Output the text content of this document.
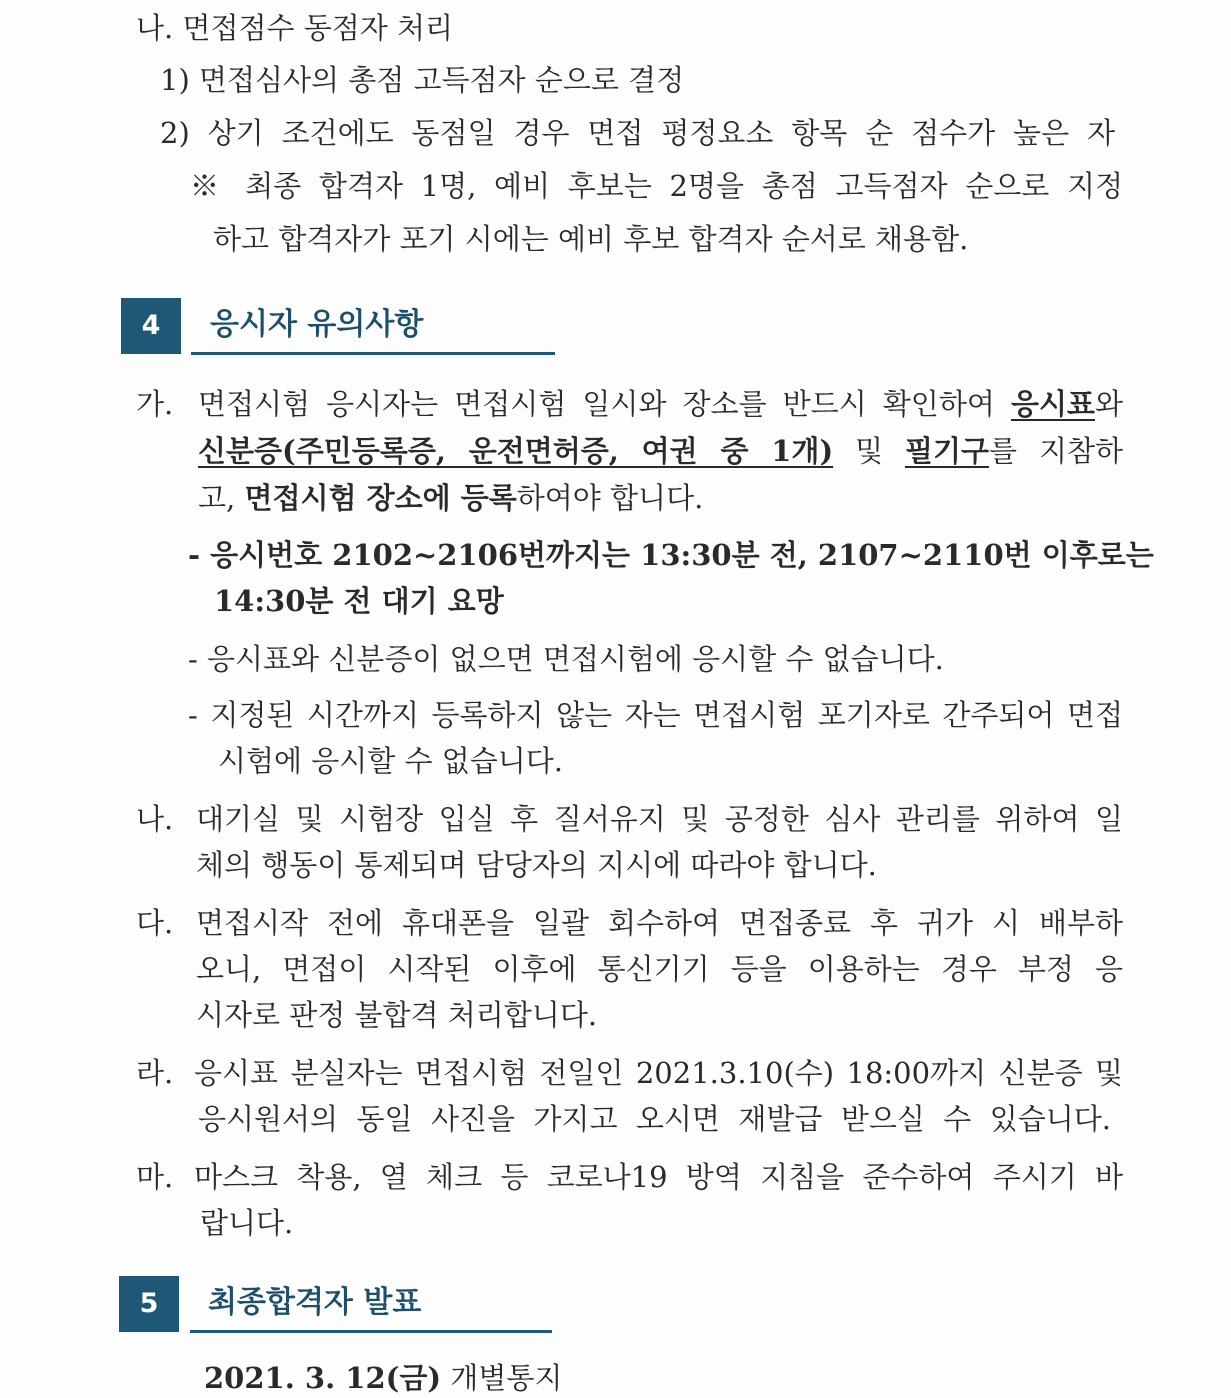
나. 면접점수 동점자 처리
1) 면접심사의 총점 고득점자 순으로 결정
2) 상기 조건에도 동점일 경우 면접 평정요소 항목 순 점수가 높은 자
※ 최종 합격자 1명, 예비 후보는 2명을 총점 고득점자 순으로 지정
하고 합격자가 포기 시에는 예비 후보 합격자 순서로 채용함.
4	응시자 유의사항
가. 면접시험 응시자는 면접시험 일시와 장소를 반드시 확인하여 응시표와
신분증(주민등록증, 운전면허증, 여권 중 1개) 및 필기구를 지참하
고, 면접시험 장소에 등록하여야 합니다.
- 응시번호 2102~2106번까지는 13:30분 전, 2107~2110번 이후로는
14:30분 전 대기 요망
- 응시표와 신분증이 없으면 면접시험에 응시할 수 없습니다.
- 지정된 시간까지 등록하지 않는 자는 면접시험 포기자로 간주되어 면접
시험에 응시할 수 없습니다.
나. 대기실 및 시험장 입실 후 질서유지 및 공정한 심사 관리를 위하여 일
체의 행동이 통제되며 담당자의 지시에 따라야 합니다.
다. 면접시작 전에 휴대폰을 일괄 회수하여 면접종료 후 귀가 시 배부하
오니, 면접이 시작된 이후에 통신기기 등을 이용하는 경우 부정 응
시자로 판정 불합격 처리합니다.
라. 응시표 분실자는 면접시험 전일인 2021.3.10(수) 18:00까지 신분증 및
응시원서의 동일 사진을 가지고 오시면 재발급 받으실 수 있습니다.
마. 마스크 착용, 열 체크 등 코로나19 방역 지침을 준수하여 주시기 바
랍니다.
5	최종합격자 발표
2021. 3. 12(금) 개별통지
